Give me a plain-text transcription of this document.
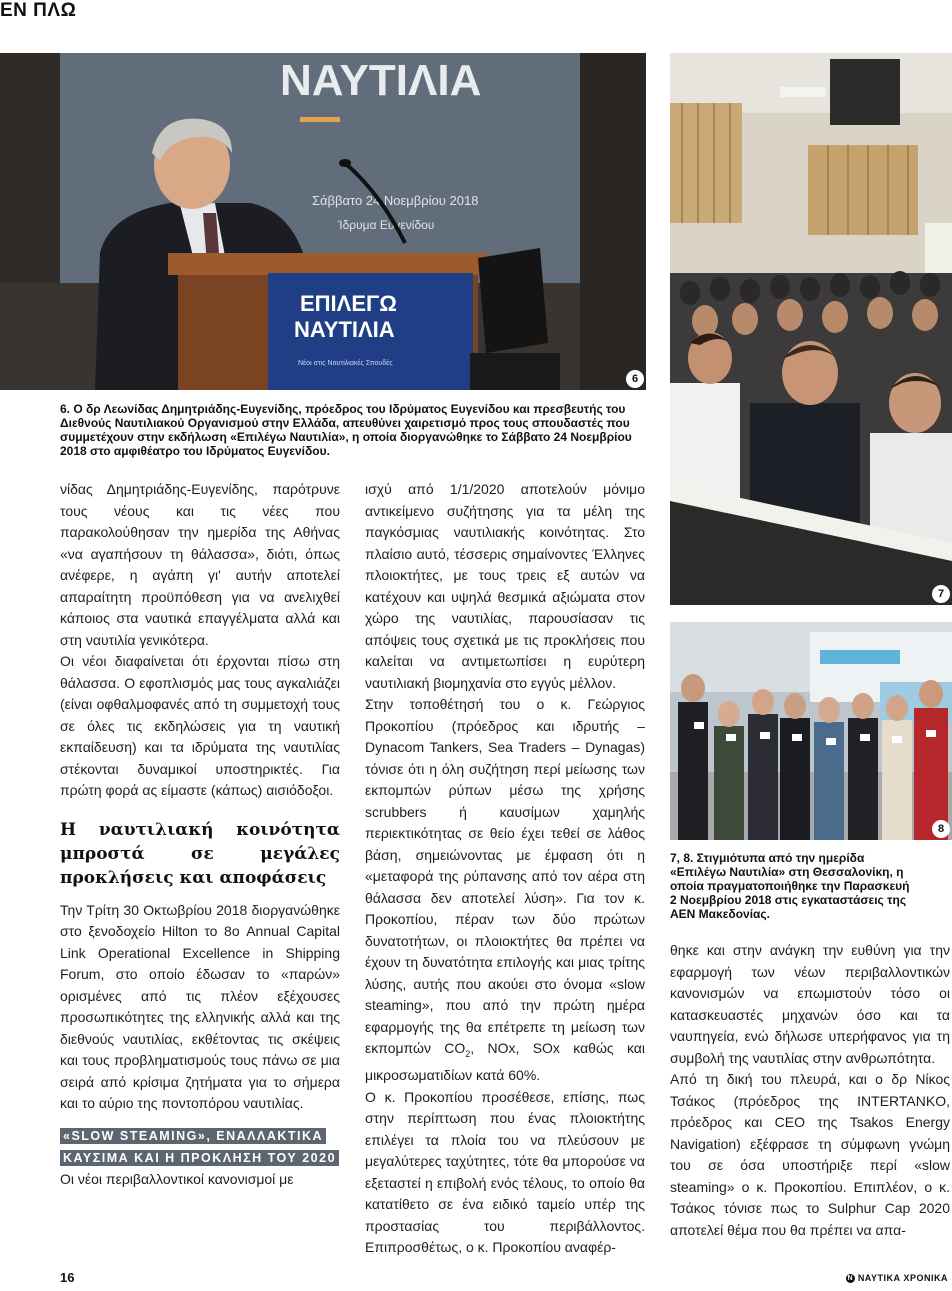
ΕΝ ΠΛΩ
ΝΑΥΤΙΛΙΑ
Σάββατο 24 Νοεμβρίου 2018
Ίδρυμα Ευγενίδου
ΕΠΙΛΕΓΩ
ΝΑΥΤΙΛΙΑ
Νέοι στις Ναυτιλιακές Σπουδές
6
6. Ο δρ Λεωνίδας Δημητριάδης-Ευγενίδης, πρόεδρος του Ιδρύματος Ευγενίδου και πρεσβευτής του Διεθνούς Ναυτιλιακού Οργανισμού στην Ελλάδα, απευθύνει χαιρετισμό προς τους σπουδαστές που συμμετέχουν στην εκδήλωση «Επιλέγω Ναυτιλία», η οποία διοργανώθηκε το Σάββατο 24 Νοεμβρίου 2018 στο αμφιθέατρο του Ιδρύματος Ευγενίδου.
7
8
7, 8. Στιγμιότυπα από την ημερίδα «Επιλέγω Ναυτιλία» στη Θεσσαλονίκη, η οποία πραγματοποιήθηκε την Παρασκευή 2 Νοεμβρίου 2018 στις εγκαταστάσεις της ΑΕΝ Μακεδονίας.

νίδας Δημητριάδης-Ευγενίδης, παρότρυνε τους νέους και τις νέες που παρακολούθησαν την ημερίδα της Αθήνας «να αγαπήσουν τη θάλασσα», διότι, όπως ανέφερε, η αγάπη γι' αυτήν αποτελεί απαραίτητη προϋπόθεση για να ανελιχθεί κάποιος στα ναυτικά επαγγέλματα αλλά και στη ναυτιλία γενικότερα.

Οι νέοι διαφαίνεται ότι έρχονται πίσω στη θάλασσα. Ο εφοπλισμός μας τους αγκαλιάζει (είναι οφθαλμοφανές από τη συμμετοχή τους σε όλες τις εκδηλώσεις για τη ναυτική εκπαίδευση) και τα ιδρύματα της ναυτιλίας στέκονται δυναμικοί υποστηρικτές. Για πρώτη φορά ας είμαστε (κάπως) αισιόδοξοι.

Η ναυτιλιακή κοινότητα μπροστά σε μεγάλες προκλήσεις και αποφάσεις

Την Τρίτη 30 Οκτωβρίου 2018 διοργανώθηκε στο ξενοδοχείο Hilton το 8ο Annual Capital Link Operational Excellence in Shipping Forum, στο οποίο έδωσαν το «παρών» ορισμένες από τις πλέον εξέχουσες προσωπικότητες της ελληνικής αλλά και της διεθνούς ναυτιλίας, εκθέτοντας τις σκέψεις και τους προβληματισμούς τους πάνω σε μια σειρά από κρίσιμα ζητήματα για το σήμερα και το αύριο της ποντοπόρου ναυτιλίας.

«SLOW STEAMING», ΕΝΑΛΛΑΚΤΙΚΑ
ΚΑΥΣΙΜΑ ΚΑΙ Η ΠΡΟΚΛΗΣΗ ΤΟΥ 2020

Οι νέοι περιβαλλοντικοί κανονισμοί με

ισχύ από 1/1/2020 αποτελούν μόνιμο αντικείμενο συζήτησης για τα μέλη της παγκόσμιας ναυτιλιακής κοινότητας. Στο πλαίσιο αυτό, τέσσερις σημαίνοντες Έλληνες πλοιοκτήτες, με τους τρεις εξ αυτών να κατέχουν και υψηλά θεσμικά αξιώματα στον χώρο της ναυτιλίας, παρουσίασαν τις απόψεις τους σχετικά με τις προκλήσεις που καλείται να αντιμετωπίσει η ευρύτερη ναυτιλιακή βιομηχανία στο εγγύς μέλλον.

Στην τοποθέτησή του ο κ. Γεώργιος Προκοπίου (πρόεδρος και ιδρυτής – Dynacom Tankers, Sea Traders – Dynagas) τόνισε ότι η όλη συζήτηση περί μείωσης των εκπομπών ρύπων μέσω της χρήσης scrubbers ή καυσίμων χαμηλής περιεκτικότητας σε θείο έχει τεθεί σε λάθος βάση, σημειώνοντας με έμφαση ότι η «μεταφορά της ρύπανσης από τον αέρα στη θάλασσα δεν αποτελεί λύση». Για τον κ. Προκοπίου, πέραν των δύο πρώτων δυνατοτήτων, οι πλοιοκτήτες θα πρέπει να έχουν τη δυνατότητα επιλογής και μιας τρίτης λύσης, αυτής που ακούει στο όνομα «slow steaming», που από την πρώτη ημέρα εφαρμογής της θα επέτρεπε τη μείωση των εκπομπών $CO_2$, NOx, SOx καθώς και μικροσωματιδίων κατά 60%.

Ο κ. Προκοπίου προσέθεσε, επίσης, πως στην περίπτωση που ένας πλοιοκτήτης επιλέγει τα πλοία του να πλεύσουν με μεγαλύτερες ταχύτητες, τότε θα μπορούσε να εξεταστεί η επιβολή ενός τέλους, το οποίο θα κατατίθετο σε ένα ειδικό ταμείο υπέρ της προστασίας του περιβάλλοντος. Επιπροσθέτως, ο κ. Προκοπίου αναφέρ-

θηκε και στην ανάγκη την ευθύνη για την εφαρμογή των νέων περιβαλλοντικών κανονισμών να επωμιστούν τόσο οι κατασκευαστές μηχανών όσο και τα ναυπηγεία, ενώ δήλωσε υπερήφανος για τη συμβολή της ναυτιλίας στην ανθρωπότητα.

Από τη δική του πλευρά, και ο δρ Νίκος Τσάκος (πρόεδρος της INTERTANKO, πρόεδρος και CEO της Tsakos Energy Navigation) εξέφρασε τη σύμφωνη γνώμη του σε όσα υποστήριξε περί «slow steaming» ο κ. Προκοπίου. Επιπλέον, ο κ. Τσάκος τόνισε πως το Sulphur Cap 2020 αποτελεί θέμα που θα πρέπει να απα-

16	N ΝΑΥΤΙΚΑ ΧΡΟΝΙΚΑ
